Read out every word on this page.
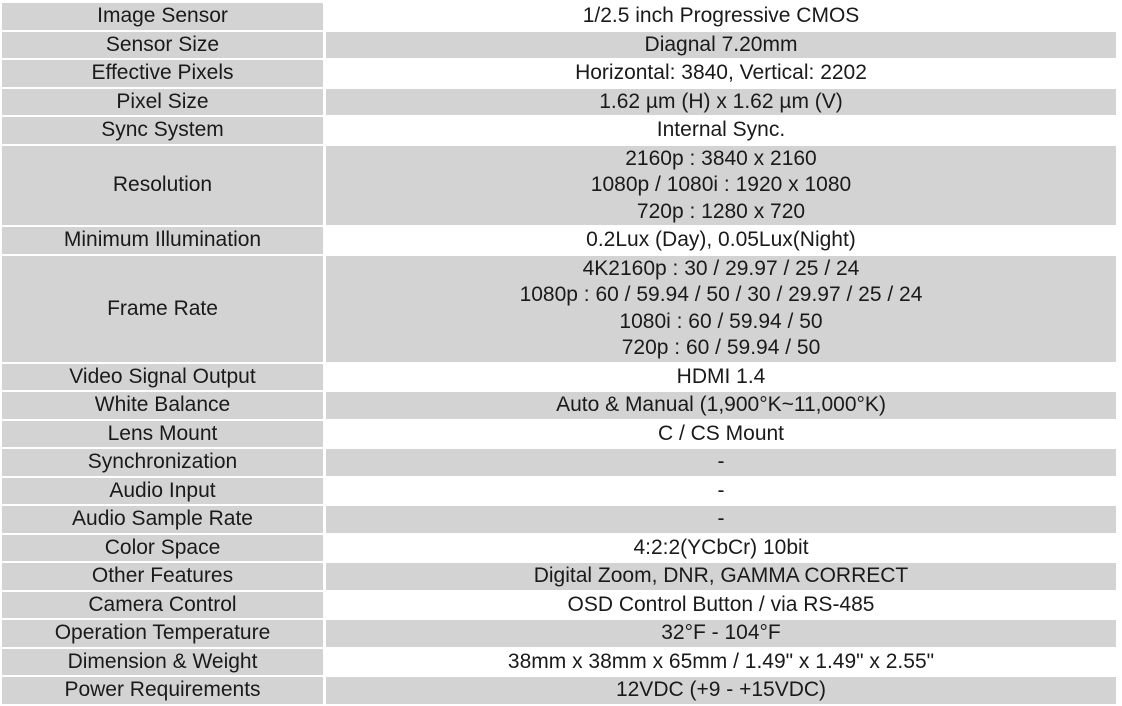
Image Sensor	1/2.5 inch Progressive CMOS

Sensor Size	Diagnal 7.20mm

Effective Pixels	Horizontal: 3840, Vertical: 2202

Pixel Size	1.62 µm (H) x 1.62 µm (V)

Sync System	Internal Sync.

Resolution	2160p : 3840 x 2160
1080p / 1080i : 1920 x 1080
720p : 1280 x 720

Minimum Illumination	0.2Lux (Day), 0.05Lux(Night)

Frame Rate	4K2160p : 30 / 29.97 / 25 / 24
1080p : 60 / 59.94 / 50 / 30 / 29.97 / 25 / 24
1080i : 60 / 59.94 / 50
720p : 60 / 59.94 / 50

Video Signal Output	HDMI 1.4

White Balance	Auto & Manual (1,900°K~11,000°K)

Lens Mount	C / CS Mount

Synchronization	-

Audio Input	-

Audio Sample Rate	-

Color Space	4:2:2(YCbCr) 10bit

Other Features	Digital Zoom, DNR, GAMMA CORRECT

Camera Control	OSD Control Button / via RS-485

Operation Temperature	32°F - 104°F

Dimension & Weight	38mm x 38mm x 65mm / 1.49" x 1.49" x 2.55"

Power Requirements	12VDC (+9 - +15VDC)
